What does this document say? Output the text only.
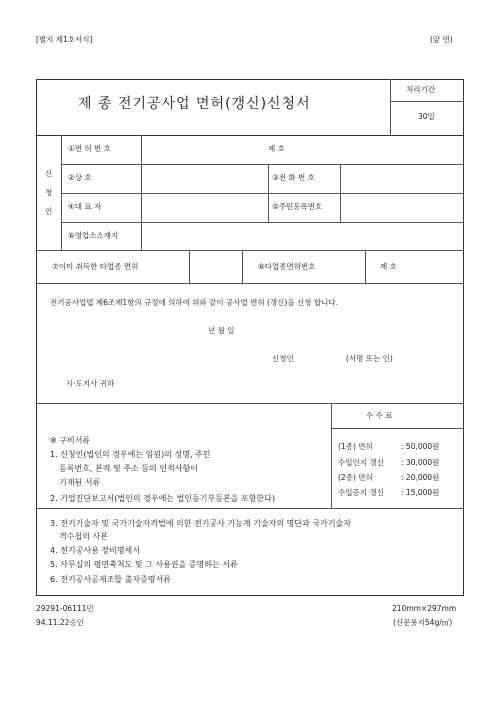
[별지 제1호서식]	(앞 면)
제 종 전기공사업 면허(갱신)신청서
처리기간
30일
신
청
인
①면 허 번 호	제 호
②상 호	③전 화 번 호
④대 표 자	⑤주민등록번호
⑥영업소소재지
⑦이미 취득한 타업종 면허	⑧타업종면허번호	제 호
전기공사업법 제6조제1항의 규정에 의하여 위와 같이 공사업 면허 (갱신)을 신청 합니다.
년 월 일
신청인	(서명 또는 인)
시·도지사 귀하
수 수 료
(1종) 면허	: 50,000원
수입인지 갱신 : 30,000원
(2종) 면허	: 20,000원
수입증지 갱신 : 15,000원
※ 구비서류
1. 신청인(법인의 경우에는 임원)의 성명, 주민
등록번호, 본적 및 주소 등의 인적사항이
기재된 서류
2. 기업진단보고서(법인의 경우에는 법인등기부등본을 포함한다)
3. 전기기술자 및 국가기술자격법에 의한 전기공사 기능계 기술자의 명단과 국가기술자
격수첩의 사본
4. 전기공사용 장비명세서
5. 사무실의 평면축척도 및 그 사용권을 증명하는 서류
6. 전기공사공제조합 출자증명서류
29291-06111민
94.11.22승인
210mm×297mm
(신문용지54g/㎡)
